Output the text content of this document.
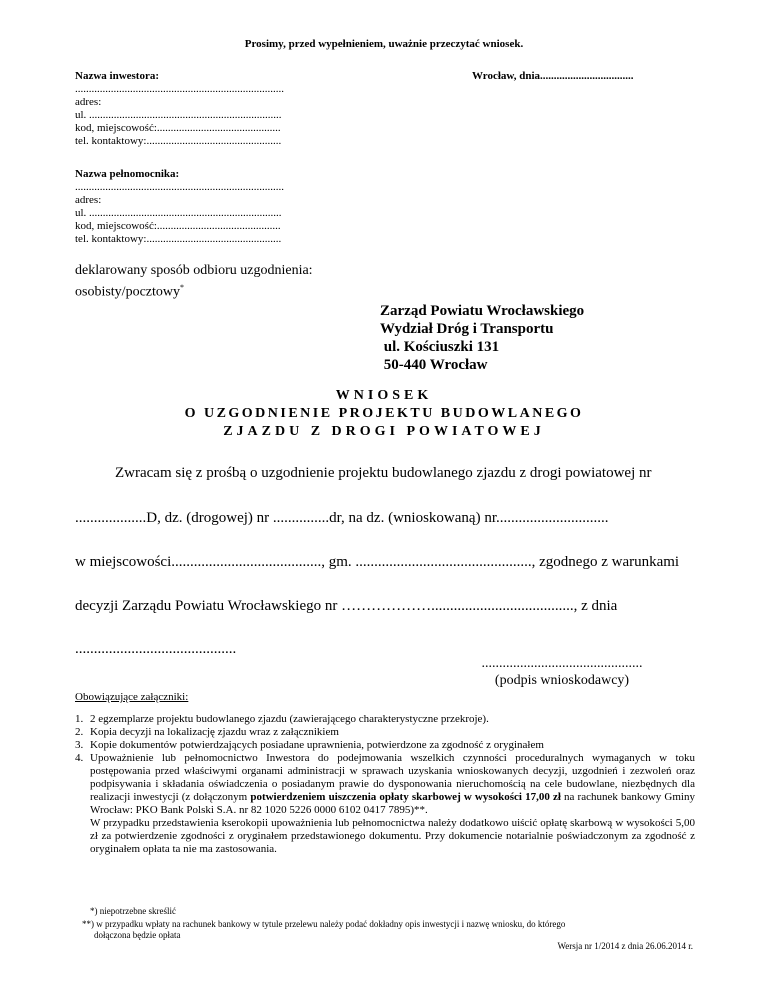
Prosimy, przed wypełnieniem, uważnie przeczytać wniosek.
Nazwa inwestora:
............................................................................
adres:
ul. ......................................................................
kod, miejscowość:.............................................
tel. kontaktowy:.................................................
Wrocław, dnia..................................
Nazwa pełnomocnika:
............................................................................
adres:
ul. ......................................................................
kod, miejscowość:.............................................
tel. kontaktowy:.................................................
deklarowany sposób odbioru uzgodnienia:
osobisty/pocztowy*
Zarząd Powiatu Wrocławskiego
Wydział Dróg i Transportu
ul. Kościuszki 131
50-440 Wrocław
WNIOSEK
O UZGODNIENIE PROJEKTU BUDOWLANEGO
ZJAZDU Z DROGI POWIATOWEJ
Zwracam się z prośbą o uzgodnienie projektu budowlanego zjazdu z drogi powiatowej nr
...................D, dz. (drogowej) nr ...............dr, na dz. (wnioskowaną) nr..............................
w miejscowości........................................, gm. ..............................................., zgodnego z warunkami
decyzji Zarządu Powiatu Wrocławskiego nr ………………......................................, z dnia
...........................................
..............................................
(podpis wnioskodawcy)
Obowiązujące załączniki:
1. 2 egzemplarze projektu budowlanego zjazdu (zawierającego charakterystyczne przekroje).
2. Kopia decyzji na lokalizację zjazdu wraz z załącznikiem
3. Kopie dokumentów potwierdzających posiadane uprawnienia, potwierdzone za zgodność z oryginałem
4. Upoważnienie lub pełnomocnictwo Inwestora do podejmowania wszelkich czynności proceduralnych wymaganych w toku postępowania przed właściwymi organami administracji w sprawach uzyskania wnioskowanych decyzji, uzgodnień i zezwoleń oraz podpisywania i składania oświadczenia o posiadanym prawie do dysponowania nieruchomością na cele budowlane, niezbędnych dla realizacji inwestycji (z dołączonym potwierdzeniem uiszczenia opłaty skarbowej w wysokości 17,00 zł na rachunek bankowy Gminy Wrocław: PKO Bank Polski S.A. nr 82 1020 5226 0000 6102 0417 7895)**.
W przypadku przedstawienia kserokopii upoważnienia lub pełnomocnictwa należy dodatkowo uiścić opłatę skarbową w wysokości 5,00 zł za potwierdzenie zgodności z oryginałem przedstawionego dokumentu. Przy dokumencie notarialnie poświadczonym za zgodność z oryginałem opłata ta nie ma zastosowania.
*) niepotrzebne skreślić
**) w przypadku wpłaty na rachunek bankowy w tytule przelewu należy podać dokładny opis inwestycji i nazwę wniosku, do którego
dołączona będzie opłata
Wersja nr 1/2014 z dnia 26.06.2014 r.
